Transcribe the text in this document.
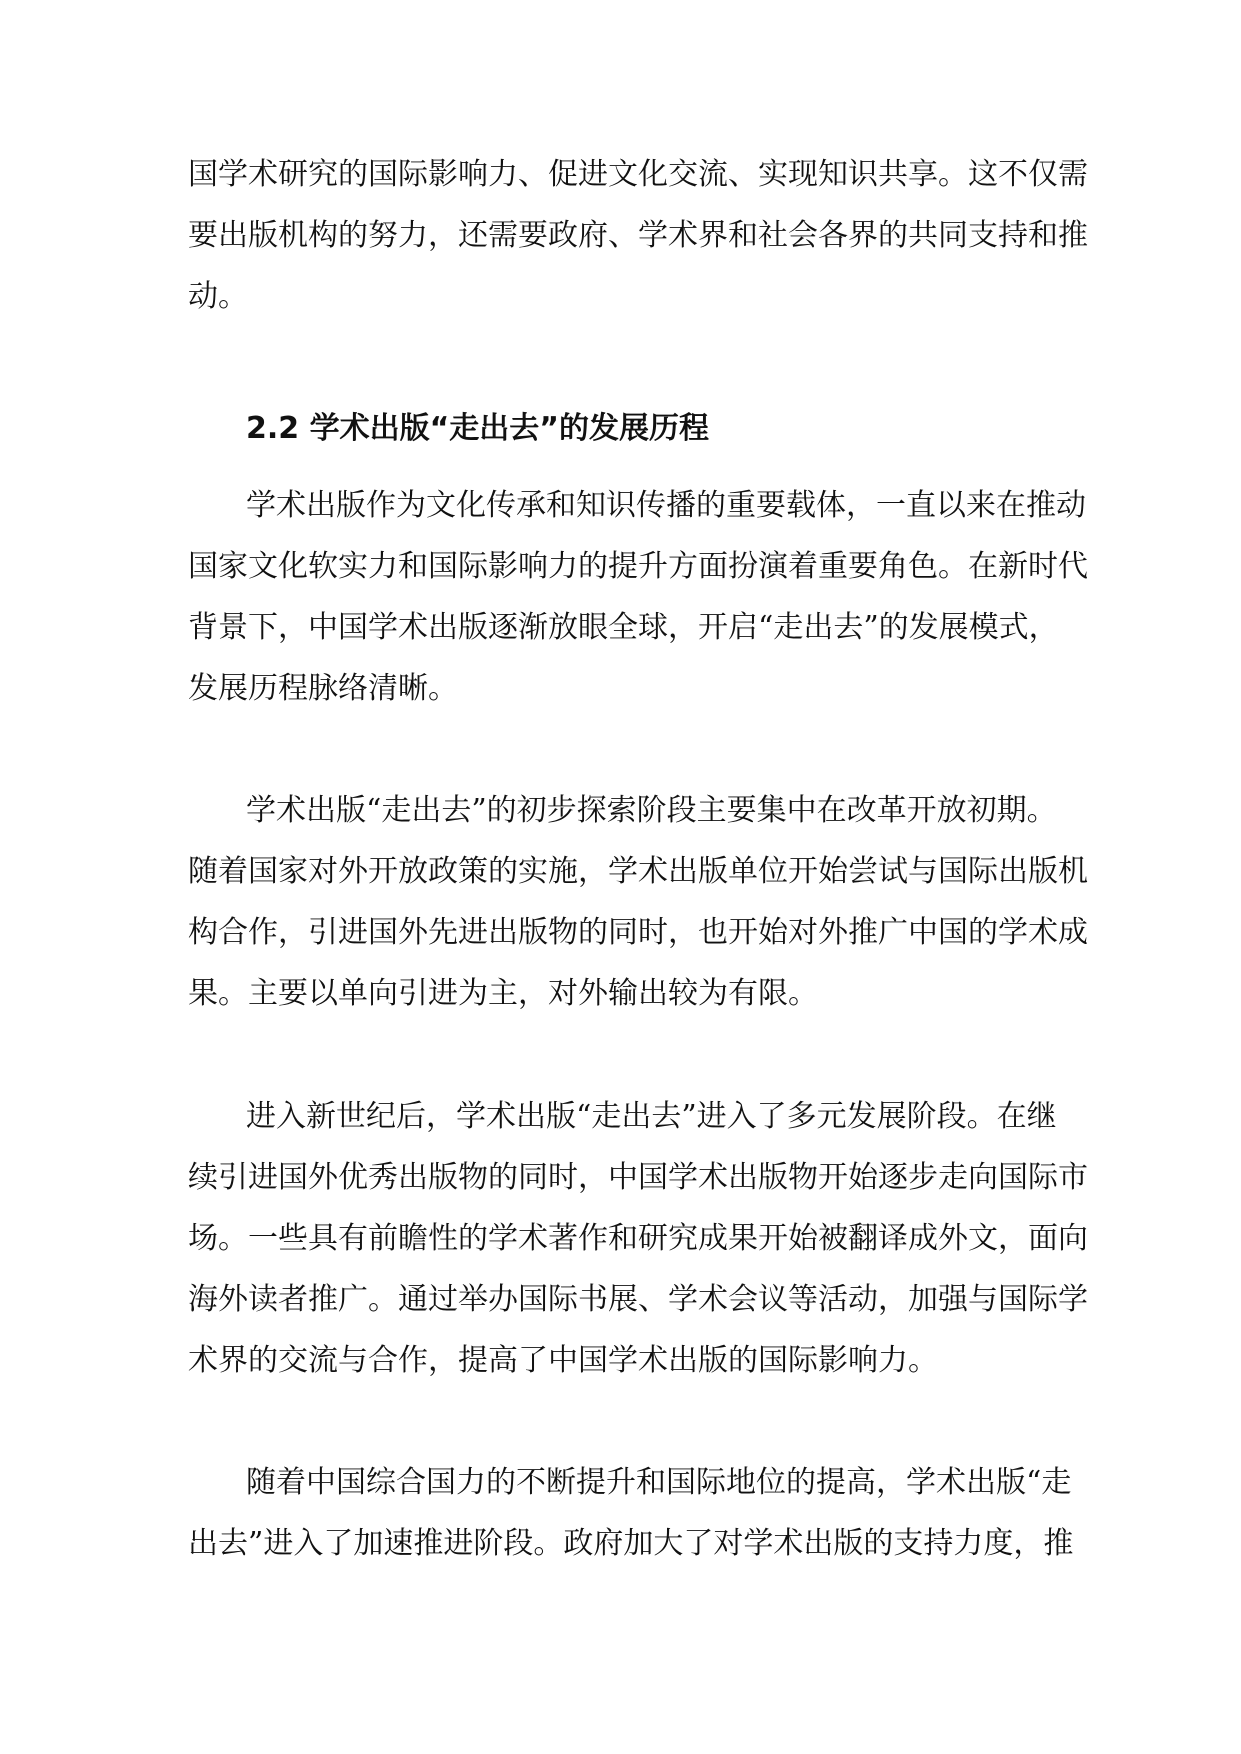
国学术研究的国际影响力、促进文化交流、实现知识共享。这不仅需
要出版机构的努力，还需要政府、学术界和社会各界的共同支持和推
动。

2.2 学术出版“走出去”的发展历程

学术出版作为文化传承和知识传播的重要载体，一直以来在推动
国家文化软实力和国际影响力的提升方面扮演着重要角色。在新时代
背景下，中国学术出版逐渐放眼全球，开启“走出去”的发展模式，
发展历程脉络清晰。

学术出版“走出去”的初步探索阶段主要集中在改革开放初期。
随着国家对外开放政策的实施，学术出版单位开始尝试与国际出版机
构合作，引进国外先进出版物的同时，也开始对外推广中国的学术成
果。主要以单向引进为主，对外输出较为有限。

进入新世纪后，学术出版“走出去”进入了多元发展阶段。在继
续引进国外优秀出版物的同时，中国学术出版物开始逐步走向国际市
场。一些具有前瞻性的学术著作和研究成果开始被翻译成外文，面向
海外读者推广。通过举办国际书展、学术会议等活动，加强与国际学
术界的交流与合作，提高了中国学术出版的国际影响力。

随着中国综合国力的不断提升和国际地位的提高，学术出版“走
出去”进入了加速推进阶段。政府加大了对学术出版的支持力度，推
